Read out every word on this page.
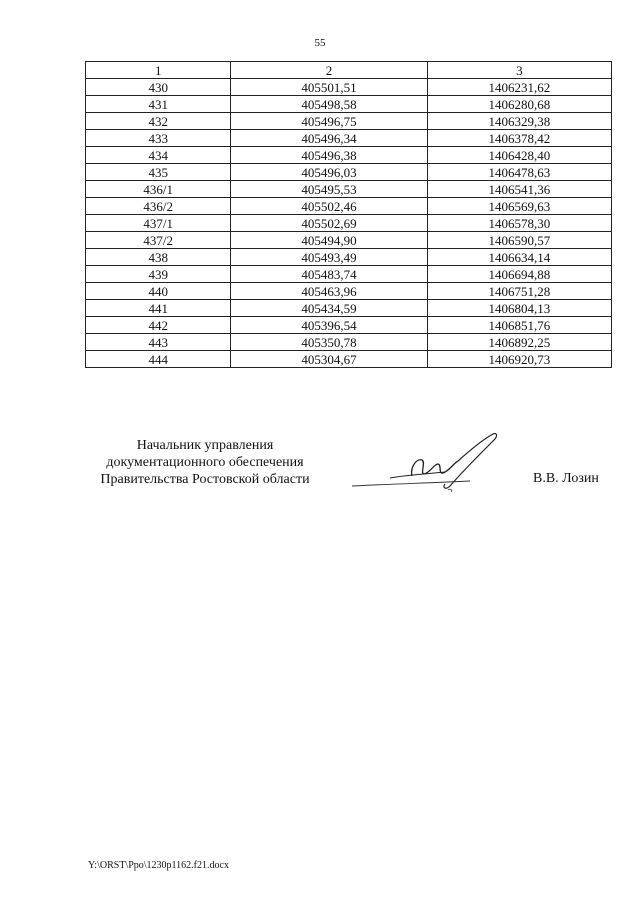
55
1	2	3
430	405501,51	1406231,62
431	405498,58	1406280,68
432	405496,75	1406329,38
433	405496,34	1406378,42
434	405496,38	1406428,40
435	405496,03	1406478,63
436/1	405495,53	1406541,36
436/2	405502,46	1406569,63
437/1	405502,69	1406578,30
437/2	405494,90	1406590,57
438	405493,49	1406634,14
439	405483,74	1406694,88
440	405463,96	1406751,28
441	405434,59	1406804,13
442	405396,54	1406851,76
443	405350,78	1406892,25
444	405304,67	1406920,73
Начальник управления
документационного обеспечения
Правительства Ростовской области	В.В. Лозин
Y:\ORST\Ppo\1230p1162.f21.docx
